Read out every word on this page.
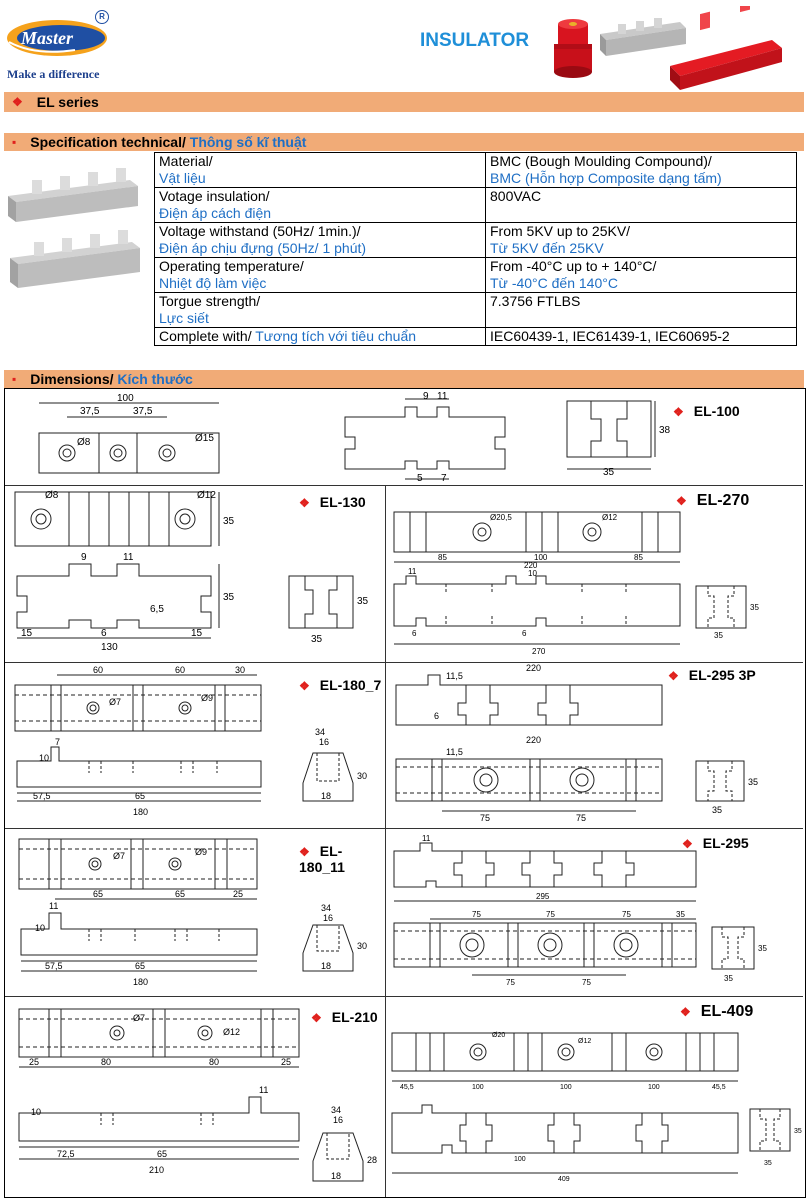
Master
R
Make a difference
INSULATOR
❖ EL series
▪ Specification technical/
Thông số kĩ thuật
Material/
Vật liệu	BMC (Bough Moulding Compound)/
BMC (Hỗn hợp Composite dạng tấm)
Votage insulation/
Điện áp cách điện	800VAC
Voltage withstand (50Hz/ 1min.)/
Điện áp chịu đựng (50Hz/ 1 phút)	From 5KV up to 25KV/
Từ 5KV đến 25KV
Operating temperature/
Nhiệt độ làm việc	From -40°C up to + 140°C/
Từ -40°C đến 140°C
Torgue strength/
Lực siết	7.3756 FTLBS
Complete with/ Tương tích với tiêu chuẩn	IEC60439-1, IEC61439-1, IEC60695-2
▪ Dimensions/
Kích thước
❖ EL-100
100
37,5	37,5
Ø8	Ø15
9 11
5 7
38
35
❖ EL-130
Ø8	Ø12
35
9	11
6,5
35
15	6	15
130
35
35
❖ EL-270
Ø20,5	Ø12
85	100	85
11
220
10
6	6
270
35
35
❖ EL-180_7
60	60	30
Ø7	Ø9
7
10
57,5	65
180
34
16
30
18
❖ EL-295 3P
220
11,5
6
220
11,5
75	75
35
35
❖ EL-180_11
Ø7	Ø9
65	65	25
11
10
57,5	65
180
34
16
30
18
❖ EL-295
11
295
75	75	75	35
75	75
35
35
❖ EL-210
Ø7
Ø12
25	80	80	25
11
10
72,5	65
210
34
16
28
18
❖ EL-409
Ø20
Ø12
45,5	100	100	100	45,5
100
409
35
35
